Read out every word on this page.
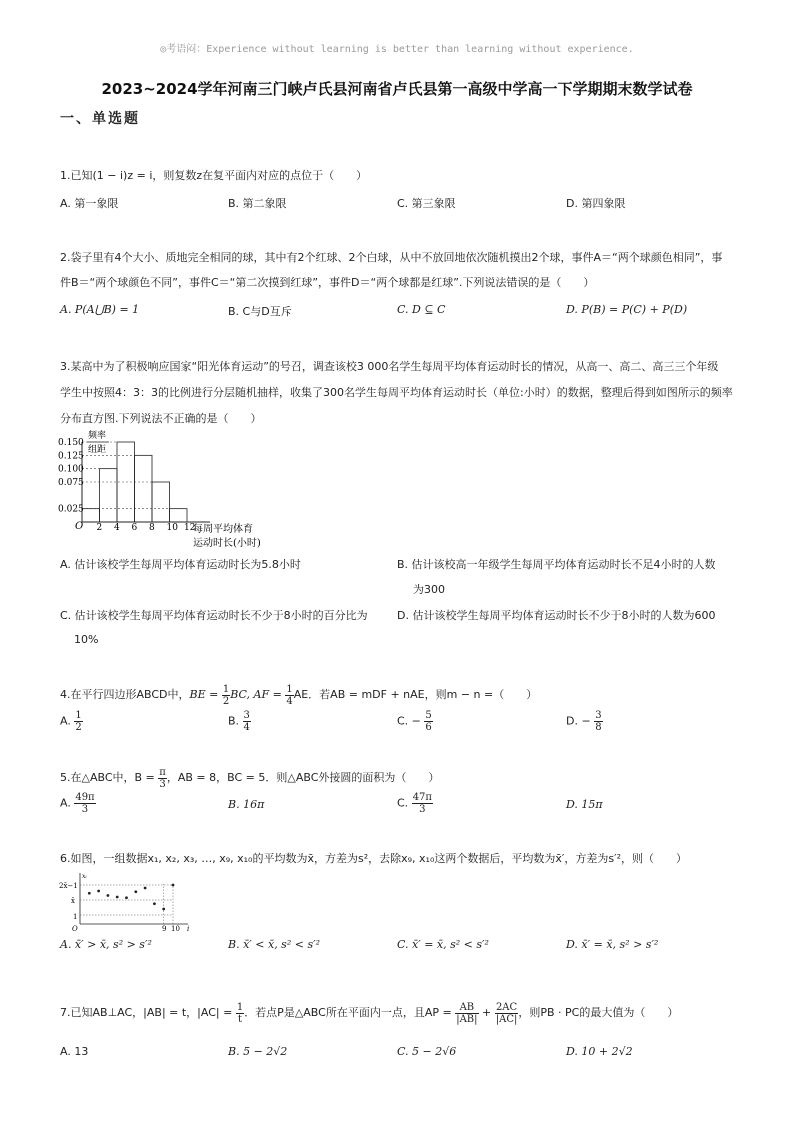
◎考语闷：Experience without learning is better than learning without experience.
2023~2024学年河南三门峡卢氏县河南省卢氏县第一高级中学高一下学期期末数学试卷
一、单选题
1.已知(1 − i)z = i，则复数z在复平面内对应的点位于（　　）
A. 第一象限	B. 第二象限	C. 第三象限	D. 第四象限
2.袋子里有4个大小、质地完全相同的球，其中有2个红球、2个白球，从中不放回地依次随机摸出2个球，事件A＝“两个球颜色相同”，事
件B＝“两个球颜色不同”，事件C＝“第二次摸到红球”，事件D＝“两个球都是红球”.下列说法错误的是（　　）
A. P(A⋃B) = 1	B. C与D互斥	C. D ⊆ C	D. P(B) = P(C) + P(D)
3.某高中为了积极响应国家“阳光体育运动”的号召，调查该校3 000名学生每周平均体育运动时长的情况，从高一、高二、高三三个年级
学生中按照4：3：3的比例进行分层随机抽样，收集了300名学生每周平均体育运动时长（单位:小时）的数据，整理后得到如图所示的频率
分布直方图.下列说法不正确的是（　　）
频率
组距
0.150
0.125
0.100
0.075
0.025
2 4 6 8 10 12
O	每周平均体育
运动时长(小时)
A. 估计该校学生每周平均体育运动时长为5.8小时	B. 估计该校高一年级学生每周平均体育运动时长不足4小时的人数
为300
C. 估计该校学生每周平均体育运动时长不少于8小时的百分比为
10%
D. 估计该校学生每周平均体育运动时长不少于8小时的人数为600
4.在平行四边形ABCD中，BE = $\frac{1}{2}$ BC, AF = $\frac{1}{4}$ AE．若AB = mDF + nAE，则m − n =（　　）
A. $\frac{1}{2}$	B. $\frac{3}{4}$	C. − $\frac{5}{6}$	D. − $\frac{3}{8}$
5.在△ABC中，$B = \frac{\pi}{3}$ ，AB = 8，BC = 5．则△ABC外接圆的面积为（　　）
A. $\frac{49\pi}{3}$	B. 16π	C. $\frac{47\pi}{3}$	D. 15π
6.如图，一组数据x₁, x₂, x₃, …, x₉, x₁₀的平均数为x̄，方差为s²，去除x₉, x₁₀这两个数据后，平均数为x̄′，方差为s′²，则（　　）
xᵢ
i
O
2x̄−1
x̄
1
9 10
A. x̄′ > x̄, s² > s′²	B. x̄′ < x̄, s² < s′²	C. x̄′ = x̄, s² < s′²	D. x̄′ = x̄, s² > s′²
7.已知AB⊥AC，|AB| = t，$|AC| = \frac{1}{t}$ ．若点P是△ABC所在平面内一点，且AP = $\frac{AB}{|AB|} + \frac{2AC}{|AC|}$ ，则PB · PC的最大值为（　　）
A. 13	B. 5 − 2√2	C. 5 − 2√6	D. 10 + 2√2
